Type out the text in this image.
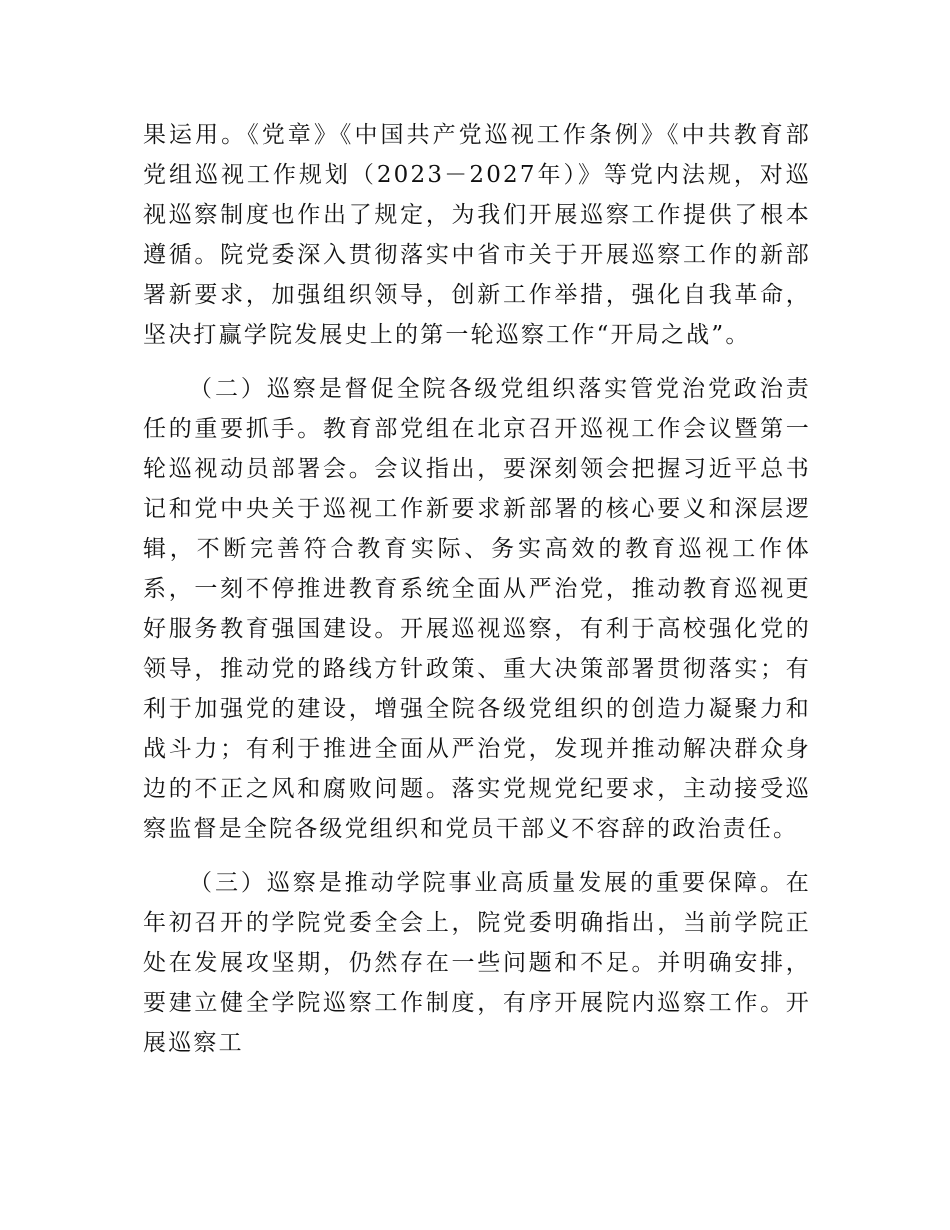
果运用。《党章》《中国共产党巡视工作条例》《中共教育部党组巡视工作规划（2023－2027年）》等党内法规，对巡视巡察制度也作出了规定，为我们开展巡察工作提供了根本遵循。院党委深入贯彻落实中省市关于开展巡察工作的新部署新要求，加强组织领导，创新工作举措，强化自我革命，坚决打赢学院发展史上的第一轮巡察工作“开局之战”。

（二）巡察是督促全院各级党组织落实管党治党政治责任的重要抓手。教育部党组在北京召开巡视工作会议暨第一轮巡视动员部署会。会议指出，要深刻领会把握习近平总书记和党中央关于巡视工作新要求新部署的核心要义和深层逻辑，不断完善符合教育实际、务实高效的教育巡视工作体系，一刻不停推进教育系统全面从严治党，推动教育巡视更好服务教育强国建设。开展巡视巡察，有利于高校强化党的领导，推动党的路线方针政策、重大决策部署贯彻落实；有利于加强党的建设，增强全院各级党组织的创造力凝聚力和战斗力；有利于推进全面从严治党，发现并推动解决群众身边的不正之风和腐败问题。落实党规党纪要求，主动接受巡察监督是全院各级党组织和党员干部义不容辞的政治责任。

（三）巡察是推动学院事业高质量发展的重要保障。在年初召开的学院党委全会上，院党委明确指出，当前学院正处在发展攻坚期，仍然存在一些问题和不足。并明确安排，要建立健全学院巡察工作制度，有序开展院内巡察工作。开展巡察工
